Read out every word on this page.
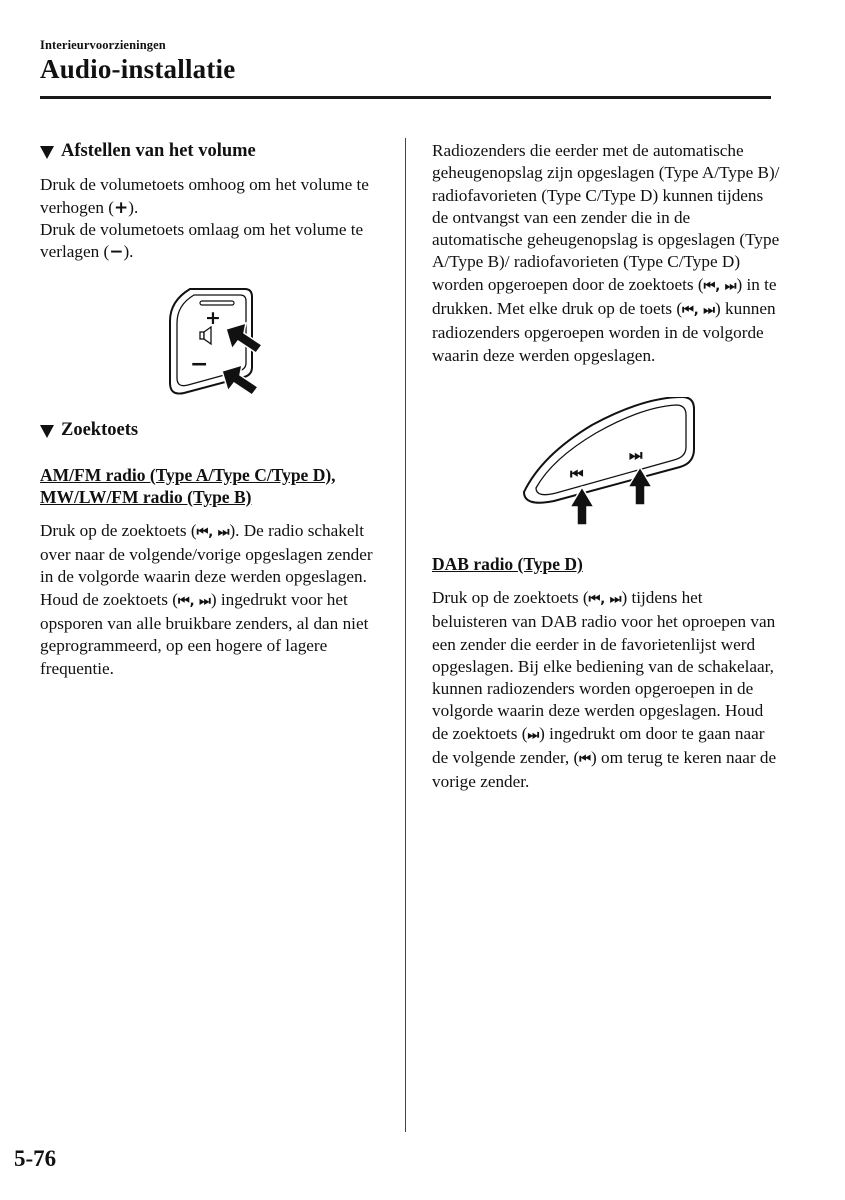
Interieurvoorzieningen
Audio-installatie
Afstellen van het volume

Druk de volumetoets omhoog om het volume te verhogen (+).

Druk de volumetoets omlaag om het volume te verlagen (−).

+
−
Zoektoets

AM/FM radio (Type A/Type C/Type D),

MW/LW/FM radio (Type B)

Druk op de zoektoets (⏮, ⏭). De radio schakelt over naar de volgende/vorige opgeslagen zender in de volgorde waarin deze werden opgeslagen.

Houd de zoektoets (⏮, ⏭) ingedrukt voor het opsporen van alle bruikbare zenders, al dan niet geprogrammeerd, op een hogere of lagere frequentie.

Radiozenders die eerder met de automatische geheugenopslag zijn opgeslagen (Type A/Type B)/ radiofavorieten (Type C/Type D) kunnen tijdens de ontvangst van een zender die in de automatische geheugenopslag is opgeslagen (Type A/Type B)/ radiofavorieten (Type C/Type D) worden opgeroepen door de zoektoets (⏮, ⏭) in te drukken. Met elke druk op de toets (⏮, ⏭) kunnen radiozenders opgeroepen worden in de volgorde waarin deze werden opgeslagen.

⏮
⏭

DAB radio (Type D)

Druk op de zoektoets (⏮, ⏭) tijdens het beluisteren van DAB radio voor het oproepen van een zender die eerder in de favorietenlijst werd opgeslagen. Bij elke bediening van de schakelaar, kunnen radiozenders worden opgeroepen in de volgorde waarin deze werden opgeslagen. Houd de zoektoets (⏭) ingedrukt om door te gaan naar de volgende zender, (⏮) om terug te keren naar de vorige zender.

5-76
